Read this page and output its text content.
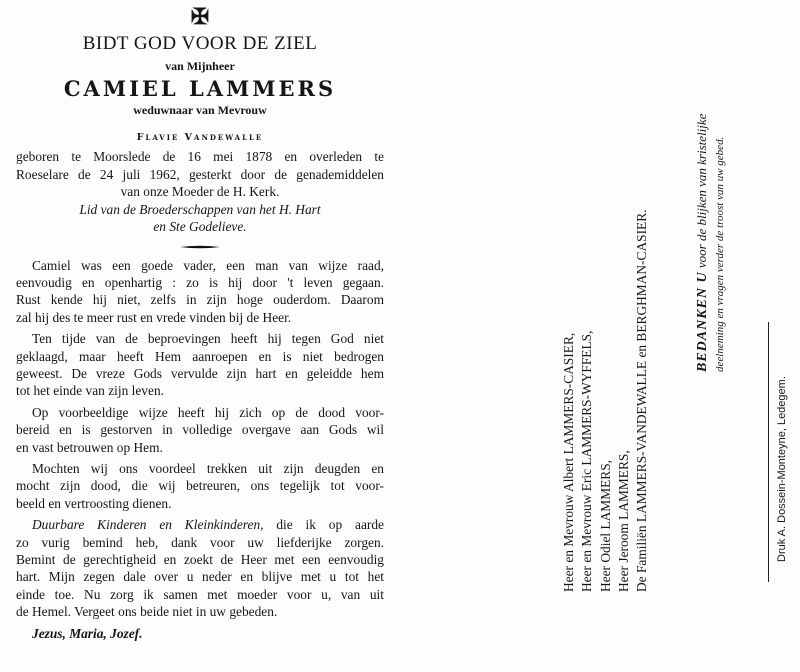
✠
BIDT GOD VOOR DE ZIEL
van Mijnheer
CAMIEL LAMMERS
weduwnaar van Mevrouw
Flavie Vandewalle
geboren te Moorslede de 16 mei 1878 en overleden te
Roeselare de 24 juli 1962, gesterkt door de genademiddelen
van onze Moeder de H. Kerk.
Lid van de Broederschappen van het H. Hart
en Ste Godelieve.
Camiel was een goede vader, een man van wijze raad,
eenvoudig en openhartig : zo is hij door 't leven gegaan.
Rust kende hij niet, zelfs in zijn hoge ouderdom. Daarom
zal hij des te meer rust en vrede vinden bij de Heer.
Ten tijde van de beproevingen heeft hij tegen God niet
geklaagd, maar heeft Hem aanroepen en is niet bedrogen
geweest. De vreze Gods vervulde zijn hart en geleidde hem
tot het einde van zijn leven.
Op voorbeeldige wijze heeft hij zich op de dood voor-
bereid en is gestorven in volledige overgave aan Gods wil
en vast betrouwen op Hem.
Mochten wij ons voordeel trekken uit zijn deugden en
mocht zijn dood, die wij betreuren, ons tegelijk tot voor-
beeld en vertroosting dienen.
Duurbare Kinderen en Kleinkinderen, die ik op aarde
zo vurig bemind heb, dank voor uw liefderijke zorgen.
Bemint de gerechtigheid en zoekt de Heer met een eenvoudig
hart. Mijn zegen dale over u neder en blijve met u tot het
einde toe. Nu zorg ik samen met moeder voor u, van uit
de Hemel. Vergeet ons beide niet in uw gebeden.
Jezus, Maria, Jozef.
Heer en Mevrouw Albert LAMMERS-CASIER, Heer en Mevrouw Eric LAMMERS-WYFFELS, Heer Odiel LAMMERS, Heer Jeroom LAMMERS, De Familiën LAMMERS-VANDEWALLE en BERGHMAN-CASIER.	BEDANKEN U voor de blijken van kristelijke deelneming en vragen verder de troost van uw gebed.
Druk A. Dossein-Monteyne, Ledegem.
